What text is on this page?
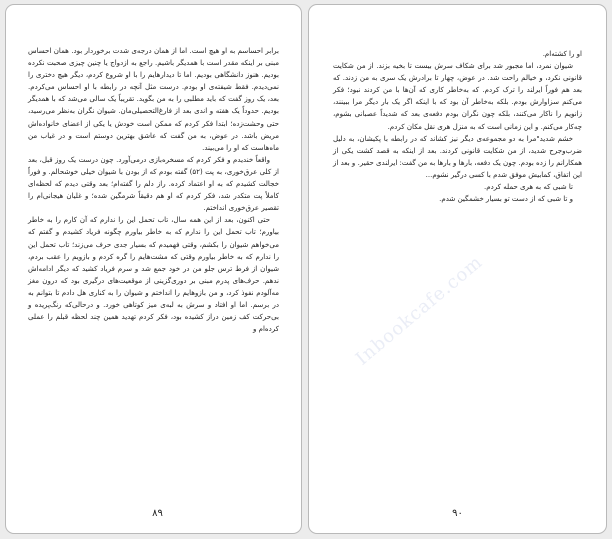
برابر احساسم به او هیچ است. اما از همان درجه‌ی شدت برخوردار بود. همان احساس مبنی بر اینکه مقدر است با همدیگر باشیم. راجع به ازدواج یا چنین چیزی صحبت نکرده بودیم. هنوز دانشگاهی بودیم. اما تا دیدارهایم را با او شروع کردم، دیگر هیچ دختری را نمی‌دیدم. فقط شیفته‌ی او بودم. درست مثل آنچه در رابطه با او احساس می‌کردم. بعد، یک روز گفت که باید مطلبی را به من بگوید. تقریباً یک سالی می‌شد که با همدیگر بودیم. حدوداً یک هفته و اندی بعد از فارغ‌التحصیلی‌مان. شیوان نگران به‌نظر می‌رسید، حتی وحشت‌زده؛ ابتدا فکر کردم که ممکن است خودش یا یکی از اعضای خانواده‌اش مریض باشد. در عوض، به من گفت که عاشق بهترین دوستم است و در غیاب من ماه‌هاست که او را می‌بیند.

واقعاً خندیدم و فکر کردم که مسخره‌بازی درمی‌آورد. چون درست یک روز قبل، بعد از کلی عرق‌خوری، به پت (۵۲) گفته بودم که از بودن با شیوان خیلی خوشحالم. و فوراً خجالت کشیدم که به او اعتماد کرده. راز دلم را گفته‌ام؛ بعد وقتی دیدم که لحظه‌ای کاملاً پت متکدر شد، فکر کردم که او هم دقیقاً شرمگین شده؛ و غلیان هیجانی‌ام را تقصیر عرق‌خوری انداختم.

حتی اکنون، بعد از این همه سال، تاب تحمل این را ندارم که آن کارم را به خاطر بیاورم؛ تاب تحمل این را ندارم که به خاطر بیاورم چگونه فریاد کشیدم و گفتم که می‌خواهم شیوان را بکشم، وقتی فهمیدم که بسیار جدی حرف می‌زند؛ تاب تحمل این را ندارم که به خاطر بیاورم وقتی که مشت‌هایم را گره کردم و بازویم را عقب بردم، شیوان از فرط ترس جلو من در خود جمع شد و سرم فریاد کشید که دیگر ادامه‌اش ندهم. حرف‌های پدرم مبنی بر دوری‌گزینی از موقعیت‌های درگیری بود که درون مغز مه‌آلودم نفوذ کرد، و من بازوهایم را انداختم و شیوان را به کناری هل دادم تا بتوانم به در برسم. اما او افتاد و سرش به لبه‌ی میز کوتاهی خورد. و درحالی‌که رنگ‌پریده و بی‌حرکت کف زمین دراز کشیده بود، فکر کردم تهدید همین چند لحظه قبلم را عملی کرده‌ام و

۸۹

او را کشته‌ام.

شیوان نمرد، اما مجبور شد برای شکاف سرش بیست تا بخیه بزند. از من شکایت قانونی نکرد، و خیالم راحت شد. در عوض، چهار تا برادرش یک سری به من زدند. که بعد هم فوراً ایرلند را ترک کردم. که به‌خاطر کاری که آن‌ها با من کردند نبود؛ فکر می‌کنم سزاوارش بودم. بلکه به‌خاطر آن بود که با اینکه اگر یک بار دیگر مرا ببینند، زانویم را ناکار می‌کنند، بلکه چون نگران بودم دفعه‌ی بعد که شدیداً عصبانی بشوم، چه‌کار می‌کنم. و این زمانی است که به منزل هری نقل مکان کردم.

خشم شدید"مرا به دو مجموعه‌ی دیگر نیز کشاند که در رابطه با پکیشان، به دلیل ضرب‌وجرح شدید، از من شکایت قانونی کردند. بعد از اینکه به قصد کشت یکی از همکارانم را زده بودم. چون یک دفعه، بارها و بارها به من گفت: ایرلندی حقیر. و بعد از این اتفاق، کمابیش موفق شدم با کسی درگیر نشوم...

تا شبی که به هری حمله کردم.

و تا شبی که از دست تو بسیار خشمگین شدم.

۹۰
Inbookcafe.com
